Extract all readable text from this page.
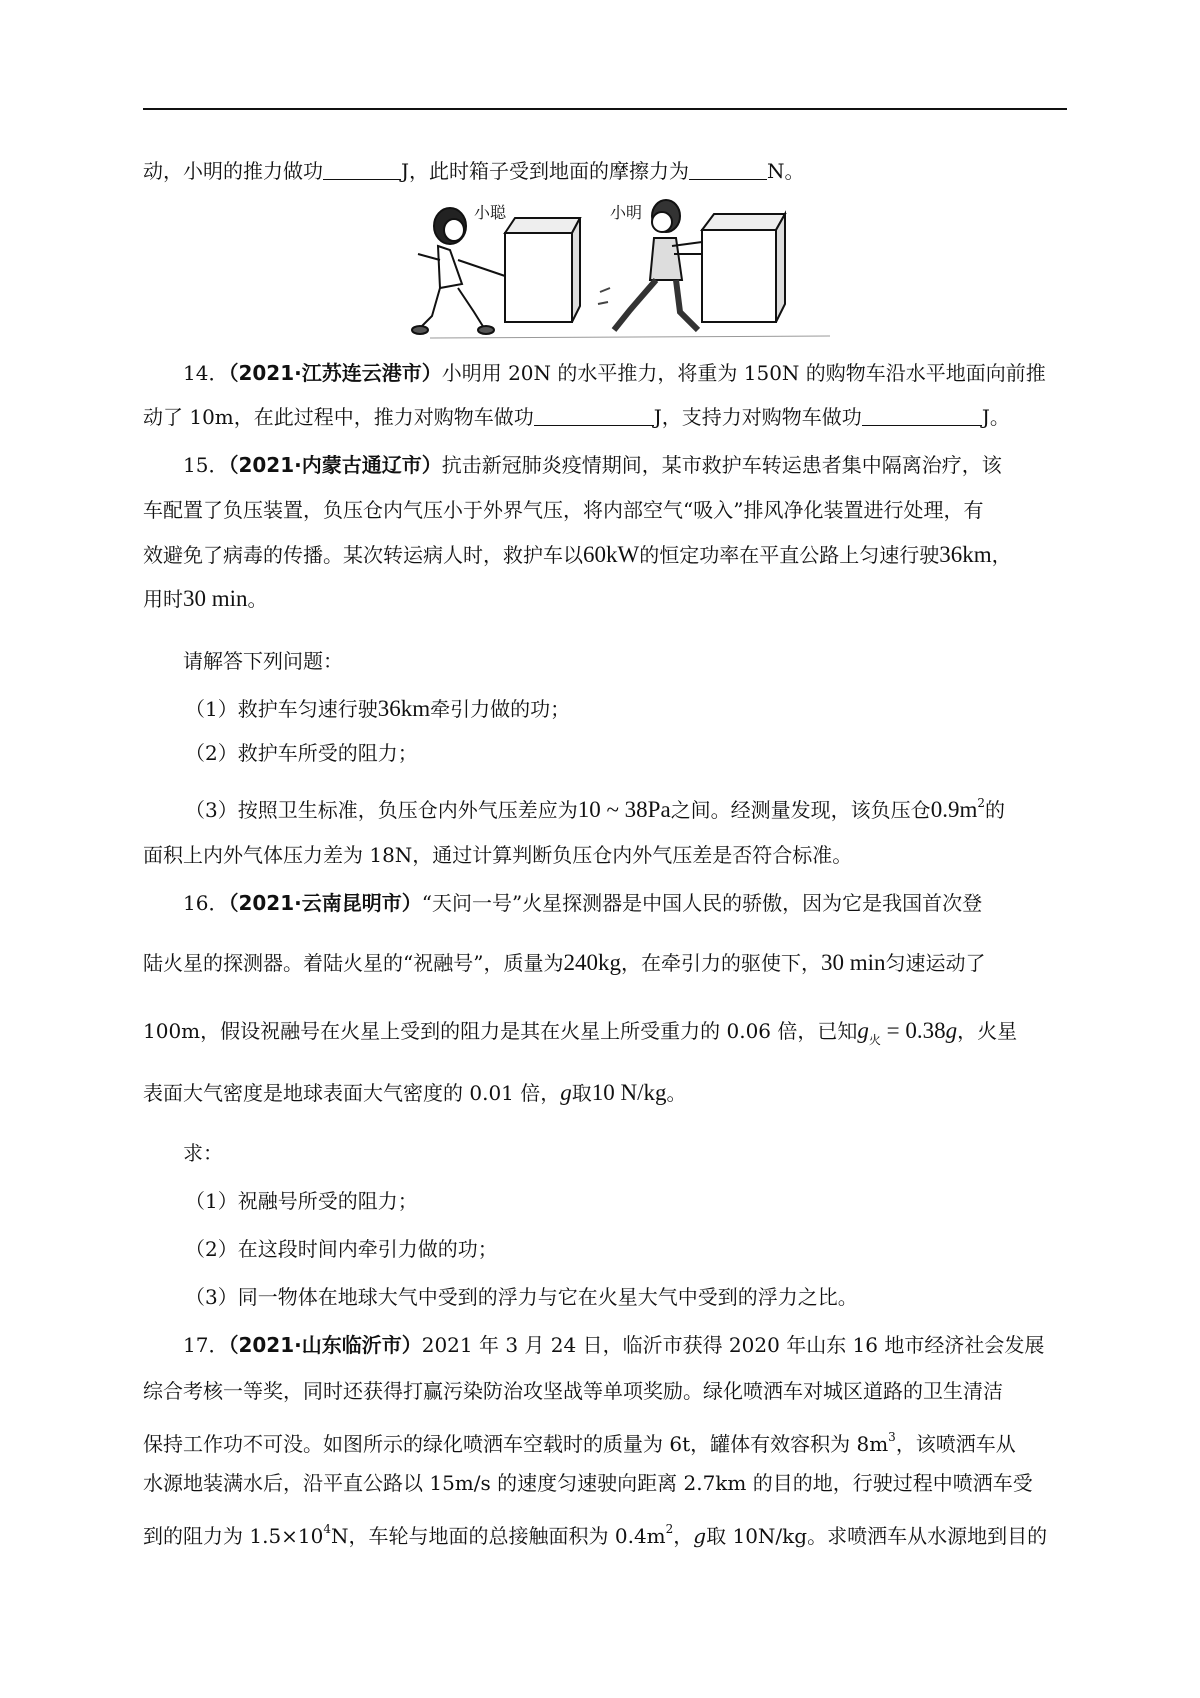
动，小明的推力做功	J，此时箱子受到地面的摩擦力为	N。
小聪	小明
14．（2021·江苏连云港市）小明用 20N 的水平推力，将重为 150N 的购物车沿水平地面向前推
动了 10m，在此过程中，推力对购物车做功	J，支持力对购物车做功	J。
15．（2021·内蒙古通辽市）抗击新冠肺炎疫情期间，某市救护车转运患者集中隔离治疗，该
车配置了负压装置，负压仓内气压小于外界气压，将内部空气“吸入”排风净化装置进行处理，有
效避免了病毒的传播。某次转运病人时，救护车以60kW的恒定功率在平直公路上匀速行驶36km，
用时30 min。
请解答下列问题：
（1）救护车匀速行驶36km牵引力做的功；
（2）救护车所受的阻力；
（3）按照卫生标准，负压仓内外气压差应为10 ~ 38Pa之间。经测量发现，该负压仓$0.9m^2$的
面积上内外气体压力差为 18N，通过计算判断负压仓内外气压差是否符合标准。
16．（2021·云南昆明市）“天问一号”火星探测器是中国人民的骄傲，因为它是我国首次登
陆火星的探测器。着陆火星的“祝融号”，质量为240kg，在牵引力的驱使下，30 min匀速运动了
100m，假设祝融号在火星上受到的阻力是其在火星上所受重力的 0.06 倍，已知$g_火 = 0.38g$，火星
表面大气密度是地球表面大气密度的 0.01 倍，g取10 N/kg。
求：
（1）祝融号所受的阻力；
（2）在这段时间内牵引力做的功；
（3）同一物体在地球大气中受到的浮力与它在火星大气中受到的浮力之比。
17．（2021·山东临沂市）2021 年 3 月 24 日，临沂市获得 2020 年山东 16 地市经济社会发展
综合考核一等奖，同时还获得打赢污染防治攻坚战等单项奖励。绿化喷洒车对城区道路的卫生清洁
保持工作功不可没。如图所示的绿化喷洒车空载时的质量为 6t，罐体有效容积为 $8m^3$，该喷洒车从
水源地装满水后，沿平直公路以 15m/s 的速度匀速驶向距离 2.7km 的目的地，行驶过程中喷洒车受
到的阻力为 $1.5\times 10^4N$，车轮与地面的总接触面积为 $0.4m^2$，g取 10N/kg。求喷洒车从水源地到目的
